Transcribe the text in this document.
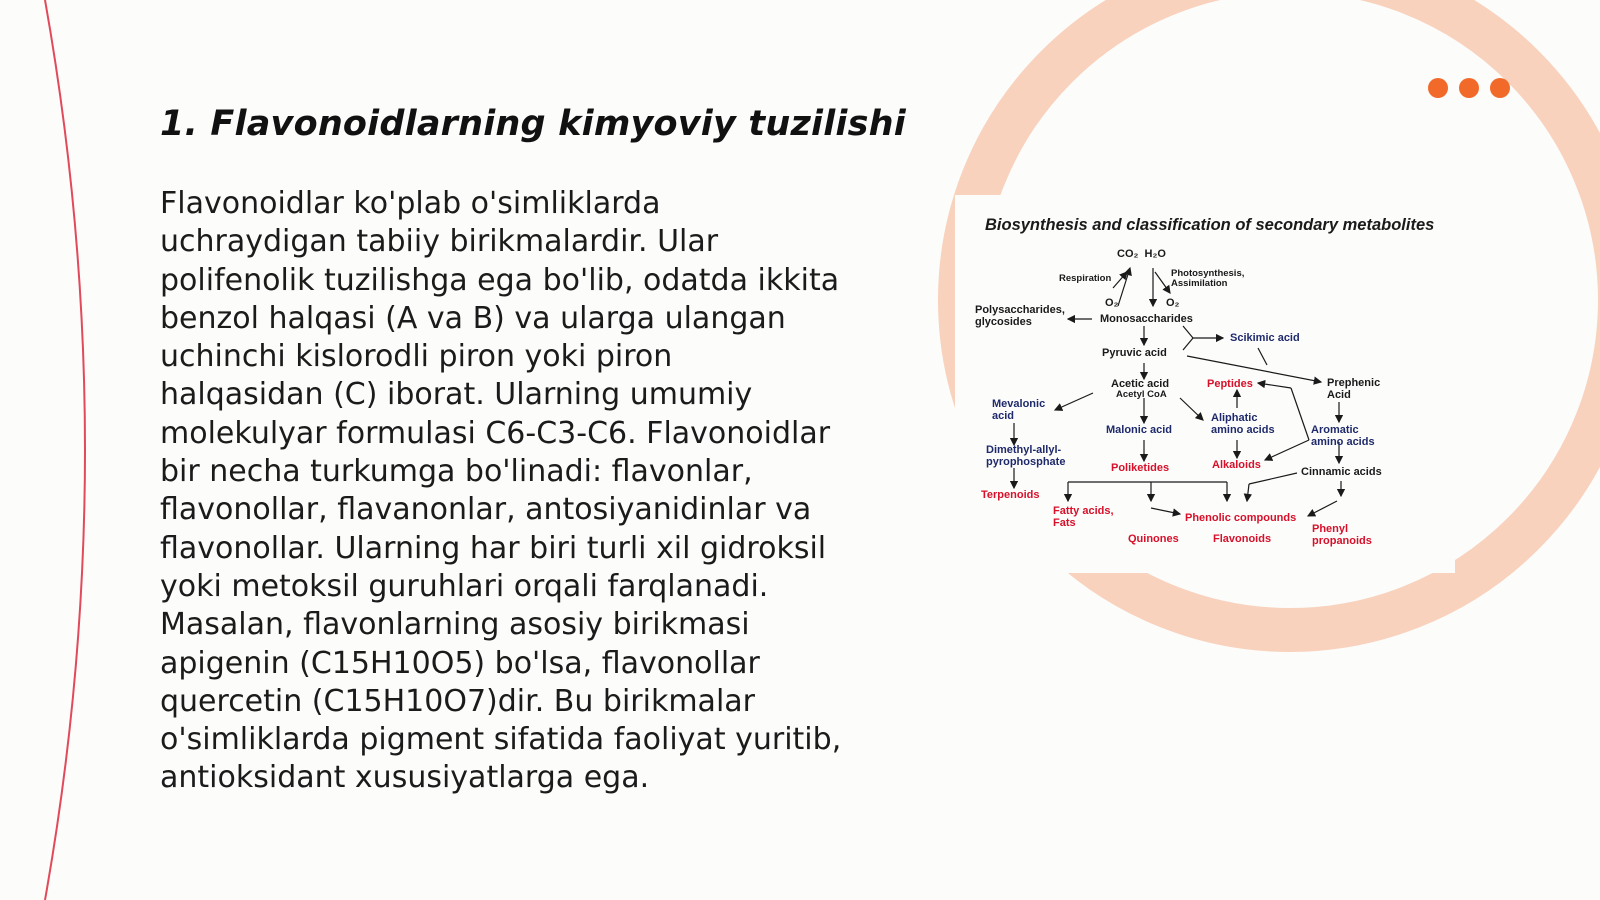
1. Flavonoidlarning kimyoviy tuzilishi
Flavonoidlar ko'plab o'simliklarda
uchraydigan tabiiy birikmalardir. Ular
polifenolik tuzilishga ega bo'lib, odatda ikkita
benzol halqasi (A va B) va ularga ulangan
uchinchi kislorodli piron yoki piron
halqasidan (C) iborat. Ularning umumiy
molekulyar formulasi C6-C3-C6. Flavonoidlar
bir necha turkumga bo'linadi: flavonlar,
flavonollar, flavanonlar, antosiyanidinlar va
flavonollar. Ularning har biri turli xil gidroksil
yoki metoksil guruhlari orqali farqlanadi.
Masalan, flavonlarning asosiy birikmasi
apigenin (C15H10O5) bo'lsa, flavonollar
quercetin (C15H10O7)dir. Bu birikmalar
o'simliklarda pigment sifatida faoliyat yuritib,
antioksidant xususiyatlarga ega.
Biosynthesis and classification of secondary metabolites
CO₂  H₂O
Respiration	Photosynthesis,
Assimilation
O₂	O₂
Polysaccharides,
glycosides	Monosaccharides
Scikimic acid
Pyruvic acid
Acetic acid
Acetyl CoA
Peptides	Prephenic
Acid
Mevalonic
acid	Aliphatic
amino acids
Malonic acid	Aromatic
amino acids
Dimethyl-allyl-
pyrophosphate	Poliketides	Alkaloids
Cinnamic acids
Terpenoids
Fatty acids,
Fats	Phenolic compounds
Phenyl
propanoids
Quinones	Flavonoids
